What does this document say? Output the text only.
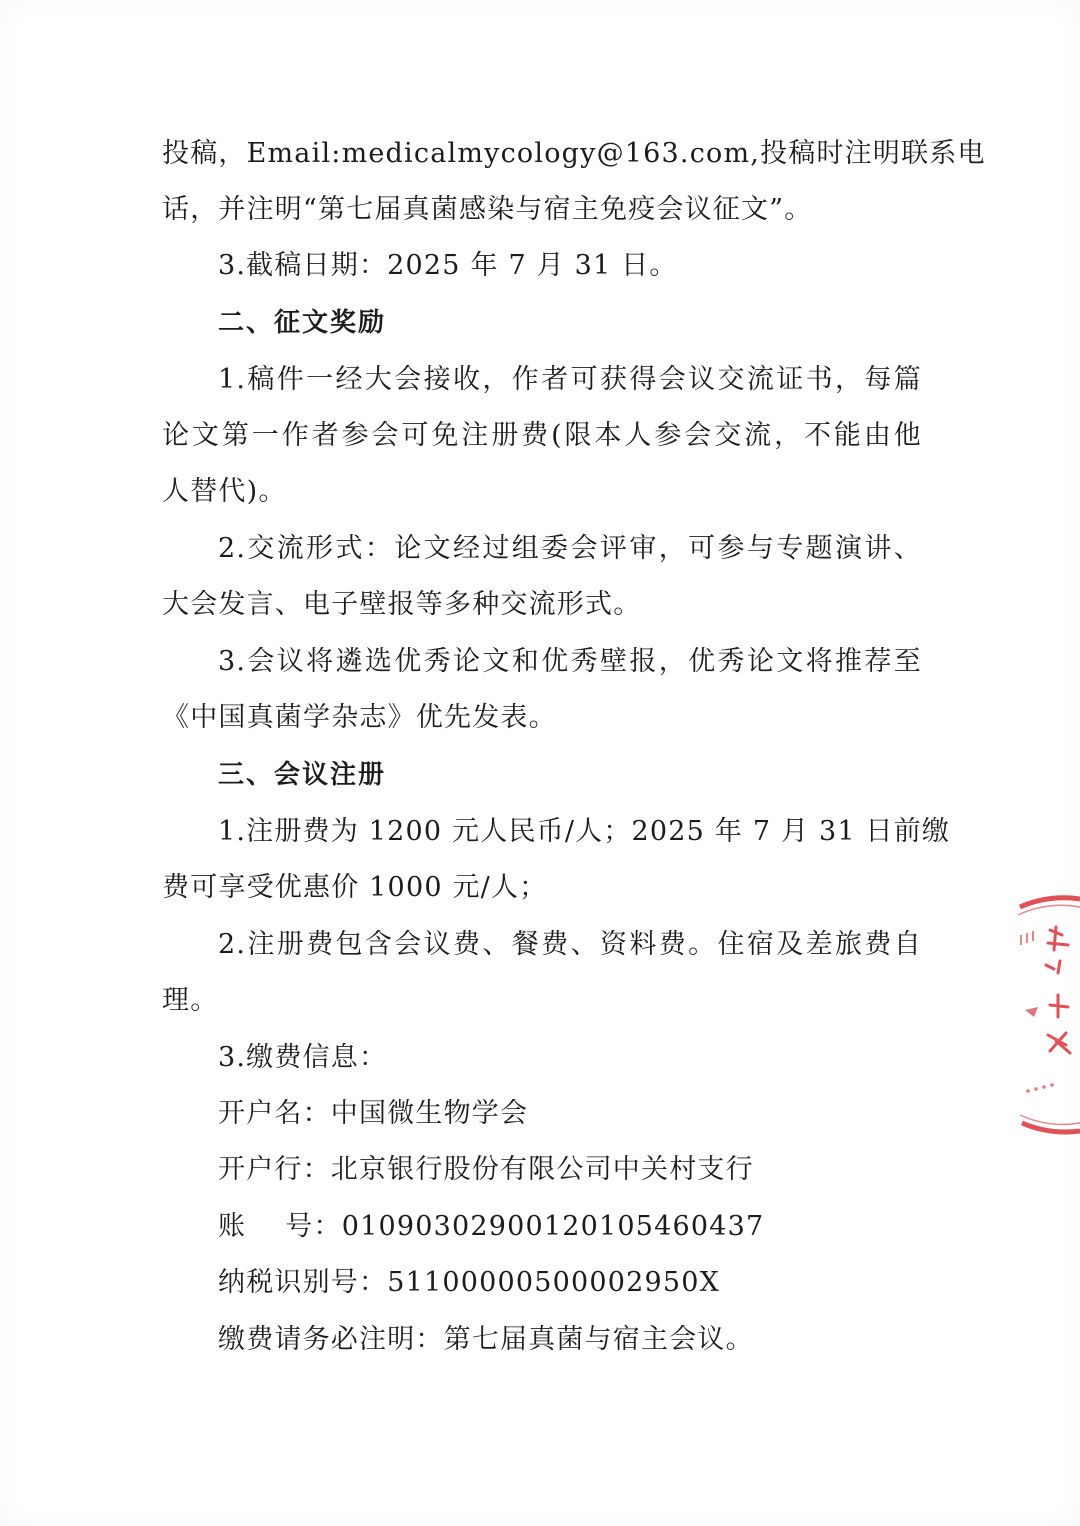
投稿，Email:medicalmycology@163.com,投稿时注明联系电
话，并注明“第七届真菌感染与宿主免疫会议征文”。
3.截稿日期：2025 年 7 月 31 日。
二、征文奖励
1.稿件一经大会接收，作者可获得会议交流证书，每篇
论文第一作者参会可免注册费(限本人参会交流，不能由他
人替代)。
2.交流形式：论文经过组委会评审，可参与专题演讲、
大会发言、电子壁报等多种交流形式。
3.会议将遴选优秀论文和优秀壁报，优秀论文将推荐至
《中国真菌学杂志》优先发表。
三、会议注册
1.注册费为 1200 元人民币/人；2025 年 7 月 31 日前缴
费可享受优惠价 1000 元/人；
2.注册费包含会议费、餐费、资料费。住宿及差旅费自
理。
3.缴费信息：
开户名：中国微生物学会
开户行：北京银行股份有限公司中关村支行
账    号：01090302900120105460437
纳税识别号：51100000500002950X
缴费请务必注明：第七届真菌与宿主会议。
